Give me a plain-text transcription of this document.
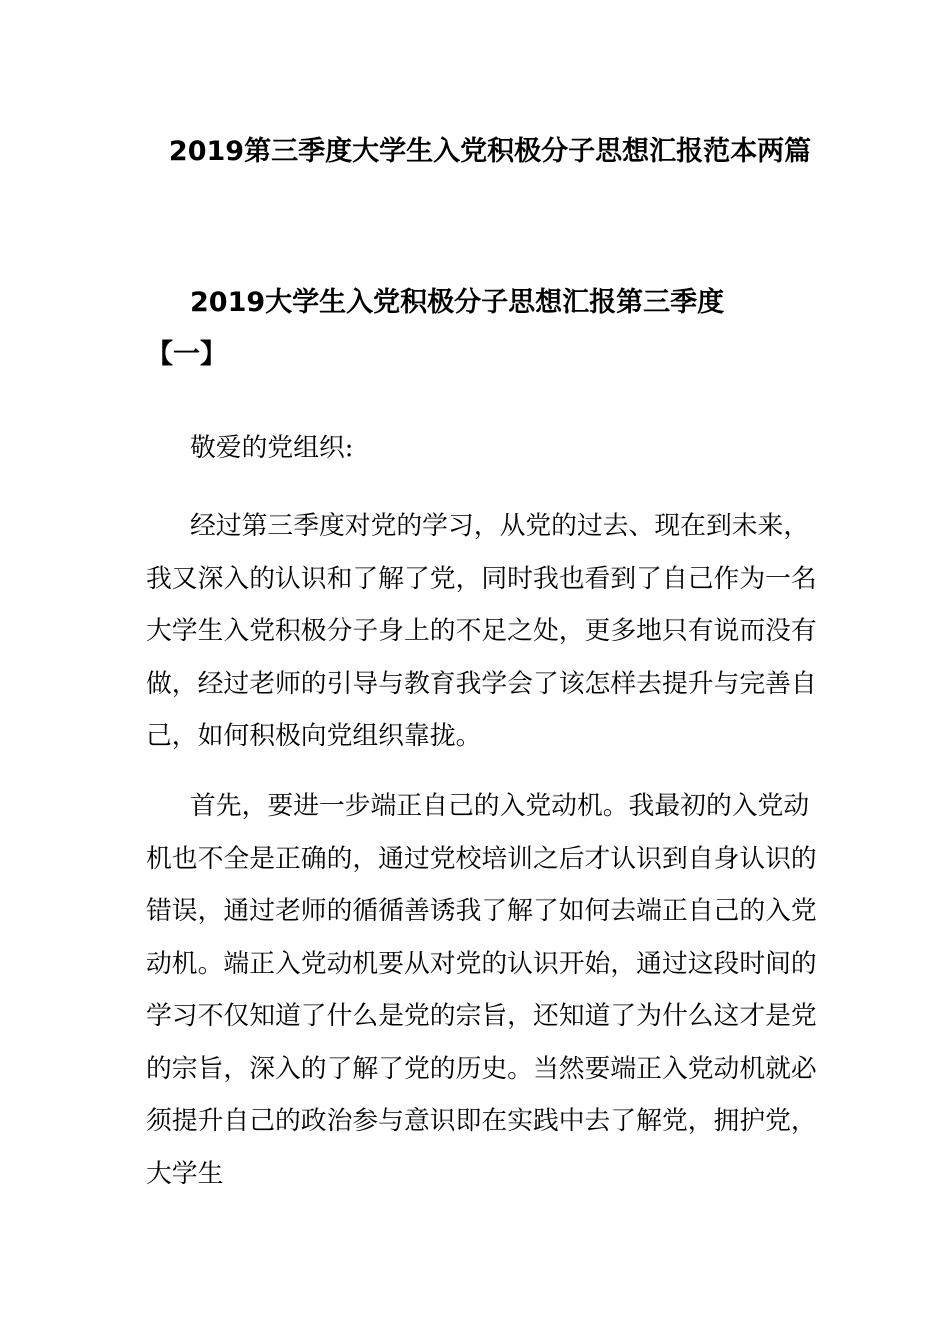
2019第三季度大学生入党积极分子思想汇报范本两篇
2019大学生入党积极分子思想汇报第三季度
【一】

敬爱的党组织:

经过第三季度对党的学习，从党的过去、现在到未来，我又深入的认识和了解了党，同时我也看到了自己作为一名大学生入党积极分子身上的不足之处，更多地只有说而没有做，经过老师的引导与教育我学会了该怎样去提升与完善自己，如何积极向党组织靠拢。

首先，要进一步端正自己的入党动机。我最初的入党动机也不全是正确的，通过党校培训之后才认识到自身认识的错误，通过老师的循循善诱我了解了如何去端正自己的入党动机。端正入党动机要从对党的认识开始，通过这段时间的学习不仅知道了什么是党的宗旨，还知道了为什么这才是党的宗旨，深入的了解了党的历史。当然要端正入党动机就必须提升自己的政治参与意识即在实践中去了解党，拥护党，大学生
